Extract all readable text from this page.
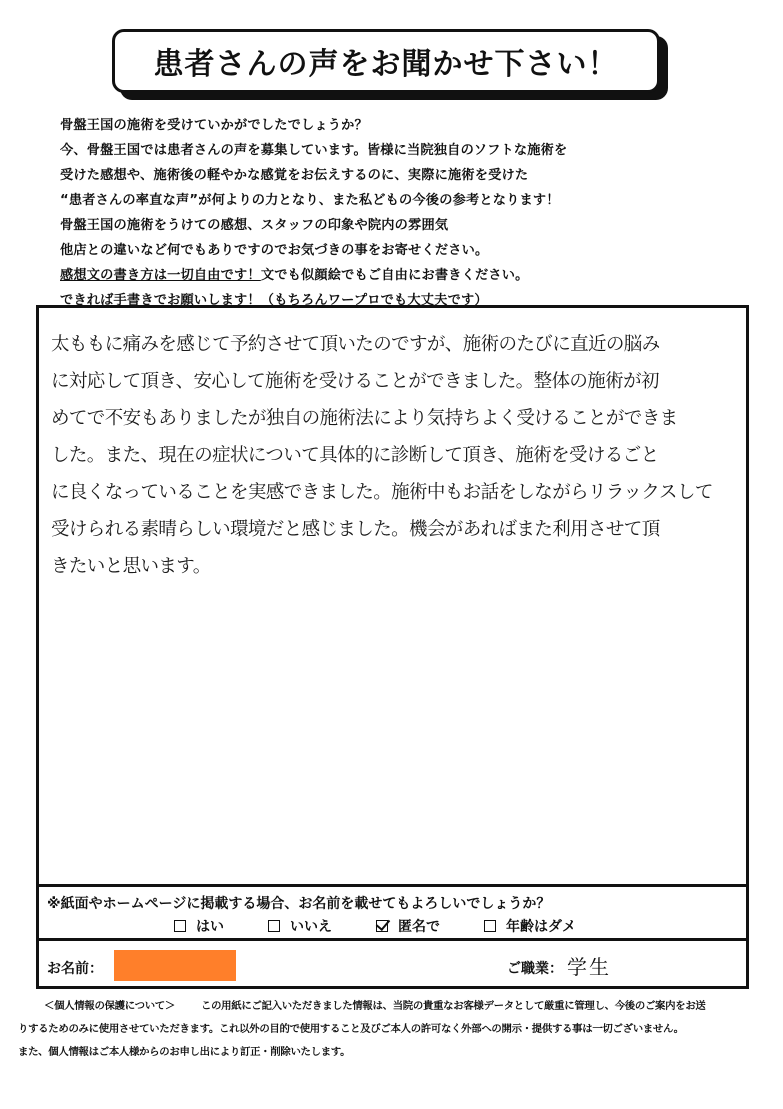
患者さんの声をお聞かせ下さい！
骨盤王国の施術を受けていかがでしたでしょうか？
今、骨盤王国では患者さんの声を募集しています。皆様に当院独自のソフトな施術を
受けた感想や、施術後の軽やかな感覚をお伝えするのに、実際に施術を受けた
“患者さんの率直な声”が何よりの力となり、また私どもの今後の参考となります！
骨盤王国の施術をうけての感想、スタッフの印象や院内の雰囲気
他店との違いなど何でもありですのでお気づきの事をお寄せください。
感想文の書き方は一切自由です！文でも似顔絵でもご自由にお書きください。
できれば手書きでお願いします！（もちろんワープロでも大丈夫です）
太ももに痛みを感じて予約させて頂いたのですが、施術のたびに直近の脳み
に対応して頂き、安心して施術を受けることができました。整体の施術が初
めてで不安もありましたが独自の施術法により気持ちよく受けることができま
した。また、現在の症状について具体的に診断して頂き、施術を受けるごと
に良くなっていることを実感できました。施術中もお話をしながらリラックスして
受けられる素晴らしい環境だと感じました。機会があればまた利用させて頂
きたいと思います。
※紙面やホームページに掲載する場合、お名前を載せてもよろしいでしょうか？
はい	いいえ	匿名で	年齢はダメ
お名前：	ご職業： 学生
＜個人情報の保護について＞	この用紙にご記入いただきました情報は、当院の貴重なお客様データとして厳重に管理し、今後のご案内をお送
りするためのみに使用させていただきます。これ以外の目的で使用すること及びご本人の許可なく外部への開示・提供する事は一切ございません。
また、個人情報はご本人様からのお申し出により訂正・削除いたします。
